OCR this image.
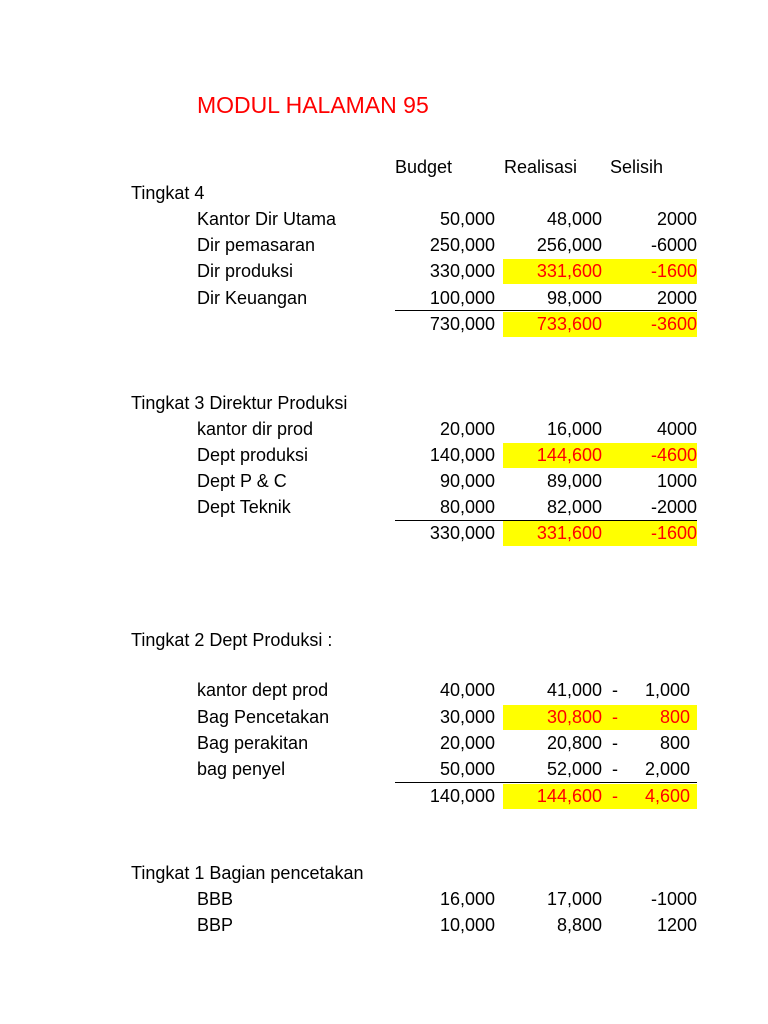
MODUL HALAMAN 95
Budget	Realisasi Selisih
Tingkat 4
Kantor Dir Utama	50,000	48,000	2000
Dir pemasaran	250,000	256,000	-6000
Dir produksi	330,000	331,600	-1600
Dir Keuangan	100,000	98,000	2000
730,000	733,600	-3600
Tingkat 3 Direktur Produksi
kantor dir prod	20,000	16,000	4000
Dept produksi	140,000	144,600	-4600
Dept P & C	90,000	89,000	1000
Dept Teknik	80,000	82,000	-2000
330,000	331,600	-1600
Tingkat 2 Dept Produksi :
kantor dept prod	40,000	41,000 -	1,000
Bag Pencetakan	30,000	30,800 -	800
Bag perakitan	20,000	20,800 -	800
bag penyel	50,000	52,000 -	2,000
140,000	144,600 -	4,600
Tingkat 1 Bagian pencetakan
BBB	16,000	17,000	-1000
BBP	10,000	8,800	1200
